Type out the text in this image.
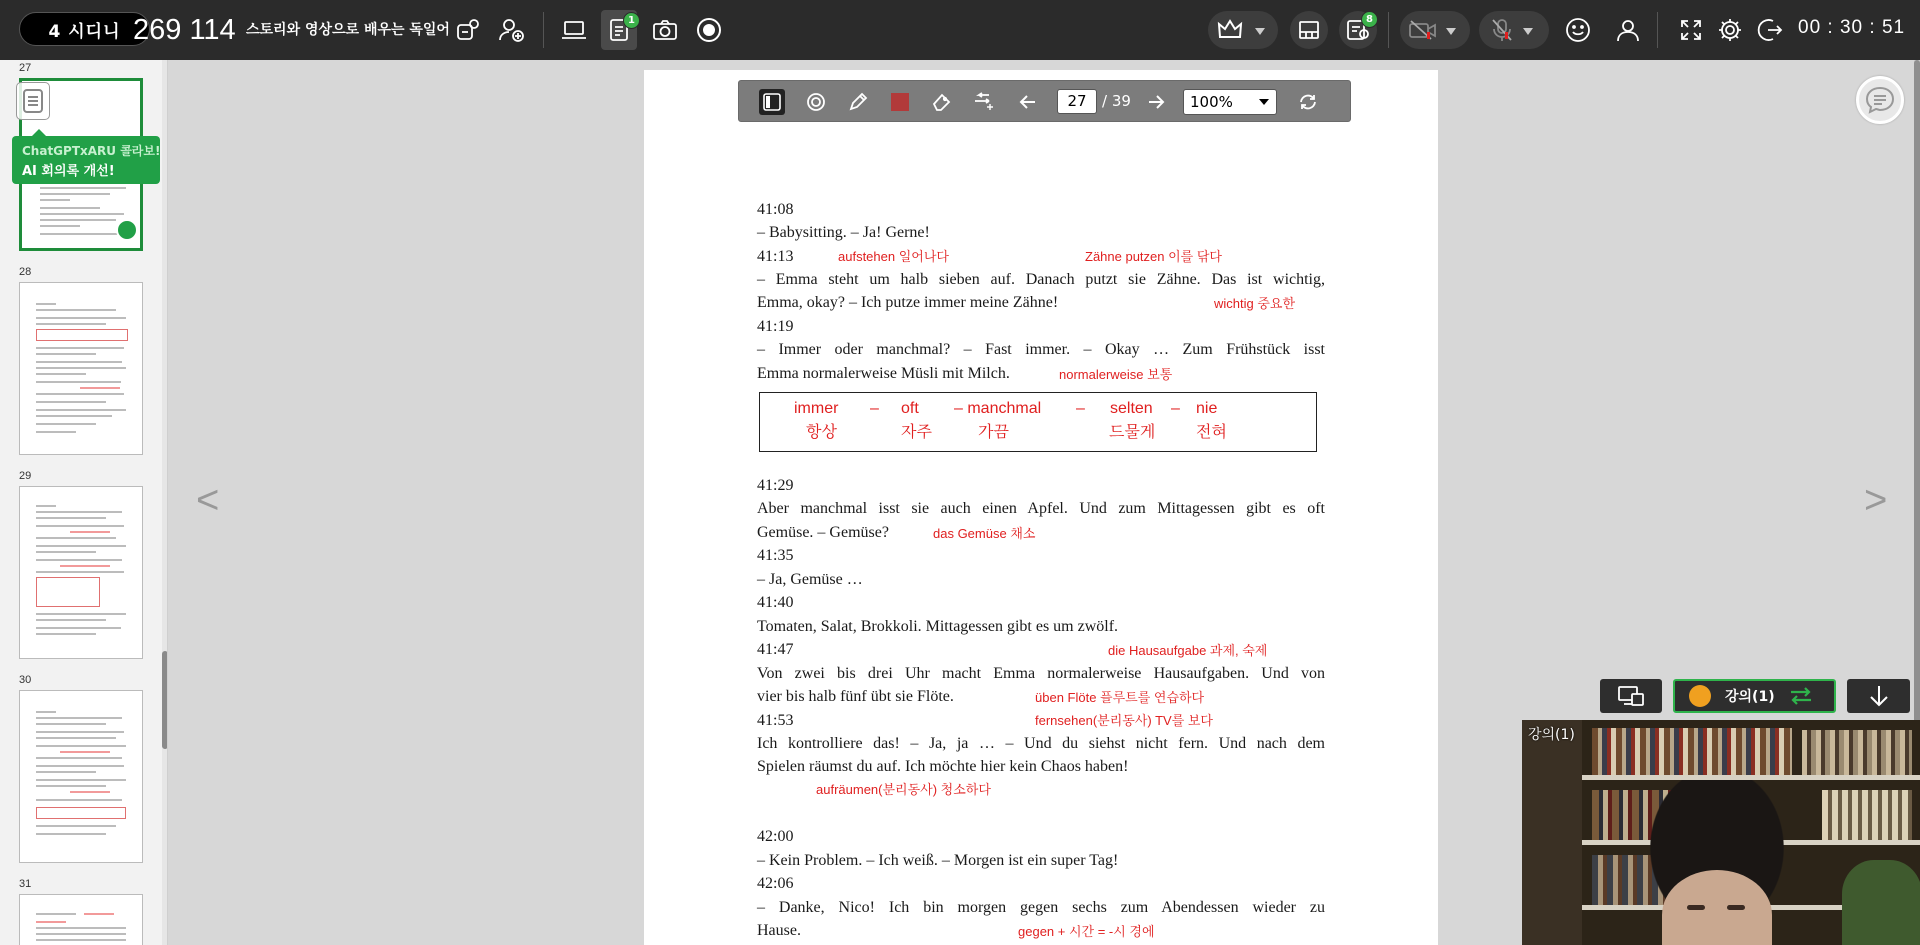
4 시디니 269 114 스토리와 영상으로 배우는 독일어
1	8	00 : 30 : 51
27
28
29
30
31
ChatGPTxARU 콜라보!
AI 회의록 개선!
<	>
27	/ 39	100%
41:08
– Babysitting. – Ja! Gerne!
41:13	aufstehen 일어나다	Zähne putzen 이를 닦다
– Emma steht um halb sieben auf. Danach putzt sie Zähne. Das ist wichtig,
Emma, okay? – Ich putze immer meine Zähne!	wichtig 중요한
41:19
– Immer oder manchmal? – Fast immer. – Okay … Zum Frühstück isst
Emma normalerweise Müsli mit Milch.	normalerweise 보통
immer – oft – manchmal – selten – nie
항상	자주	가끔	드물게	전혀
41:29
Aber manchmal isst sie auch einen Apfel. Und zum Mittagessen gibt es oft
Gemüse. – Gemüse?	das Gemüse 채소
41:35
– Ja, Gemüse …
41:40
Tomaten, Salat, Brokkoli. Mittagessen gibt es um zwölf.
41:47	die Hausaufgabe 과제, 숙제
Von zwei bis drei Uhr macht Emma normalerweise Hausaufgaben. Und von
vier bis halb fünf übt sie Flöte.	üben Flöte 플루트를 연습하다
41:53	fernsehen(분리동사) TV를 보다
Ich kontrolliere das! – Ja, ja … – Und du siehst nicht fern. Und nach dem
Spielen räumst du auf. Ich möchte hier kein Chaos haben!
aufräumen(분리동사) 청소하다
42:00
– Kein Problem. – Ich weiß. – Morgen ist ein super Tag!
42:06
– Danke, Nico! Ich bin morgen gegen sechs zum Abendessen wieder zu
Hause.	gegen + 시간 = -시 경에
강의(1)
강의(1)
